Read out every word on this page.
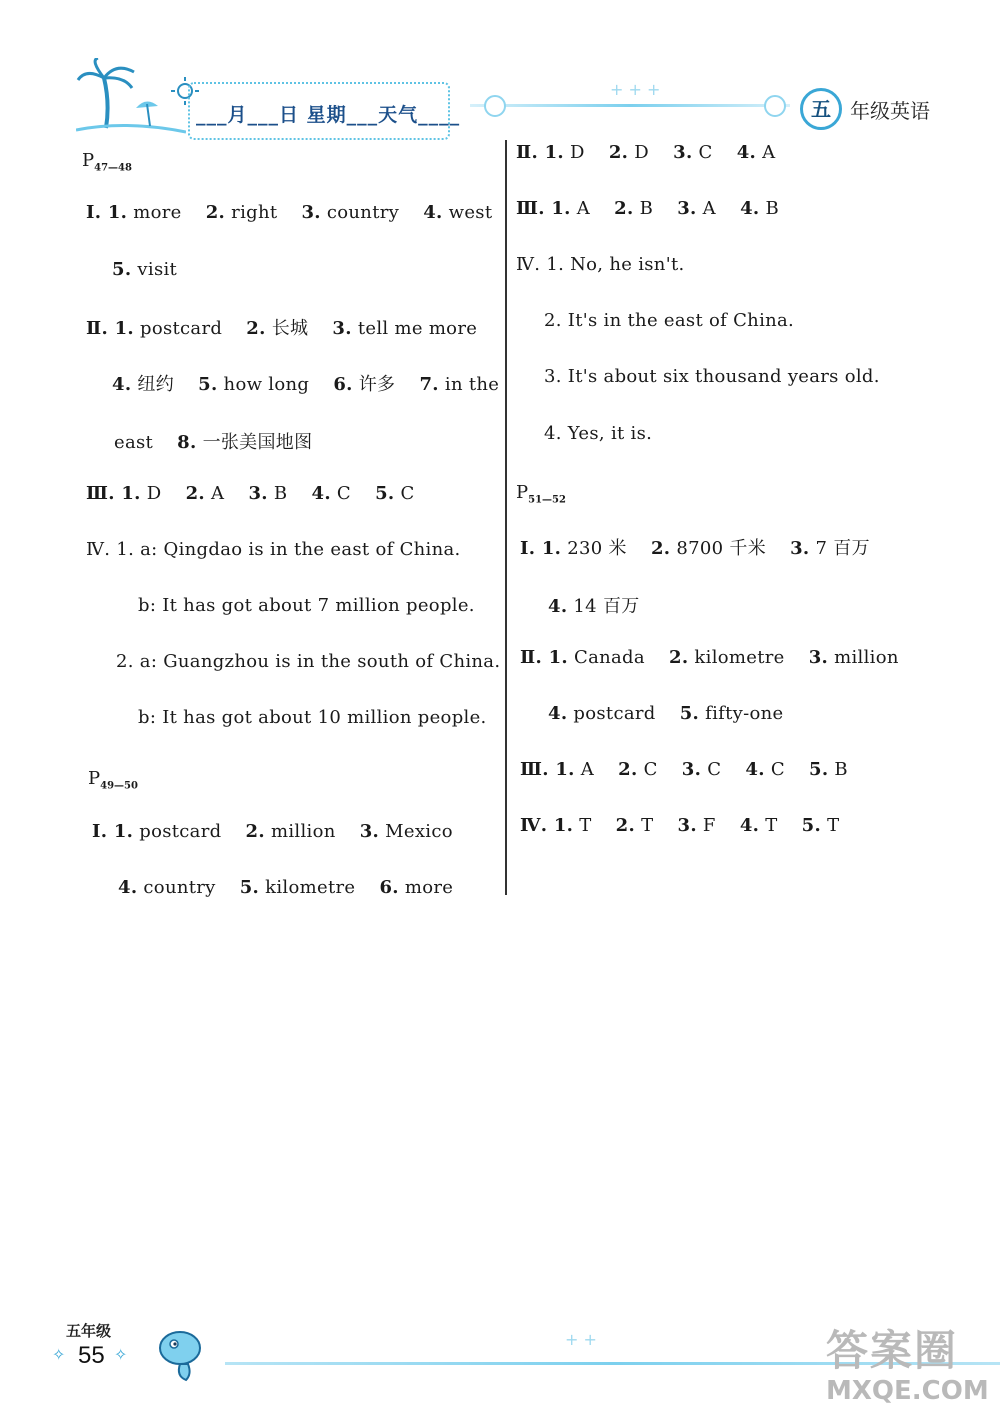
___月___日 星期___天气____
+ + +
五 年级英语
$P_{47—48}$
Ⅰ. 1. more 2. right 3. country 4. west
5. visit
Ⅱ. 1. postcard 2. 长城 3. tell me more
4. 纽约 5. how long 6. 许多 7. in the
east    8. 一张美国地图
Ⅲ. 1. D 2. A 3. B 4. C 5. C
Ⅳ. 1. a: Qingdao is in the east of China.
b: It has got about 7 million people.
2. a: Guangzhou is in the south of China.
b: It has got about 10 million people.
$P_{49—50}$
Ⅰ. 1. postcard 2. million 3. Mexico
4. country 5. kilometre 6. more
Ⅱ. 1. D 2. D 3. C 4. A
Ⅲ. 1. A 2. B 3. A 4. B
Ⅳ. 1. No, he isn't.
2. It's in the east of China.
3. It's about six thousand years old.
4. Yes, it is.
$P_{51—52}$
Ⅰ. 1. 230 米 2. 8700 千米 3. 7 百万
4. 14 百万
Ⅱ. 1. Canada 2. kilometre 3. million
4. postcard 5. fifty-one
Ⅲ. 1. A 2. C 3. C 4. C 5. B
Ⅳ. 1. T 2. T 3. F 4. T 5. T
五年级
✧ 55 ✧
+ +	答案圈
MXQE.COM
